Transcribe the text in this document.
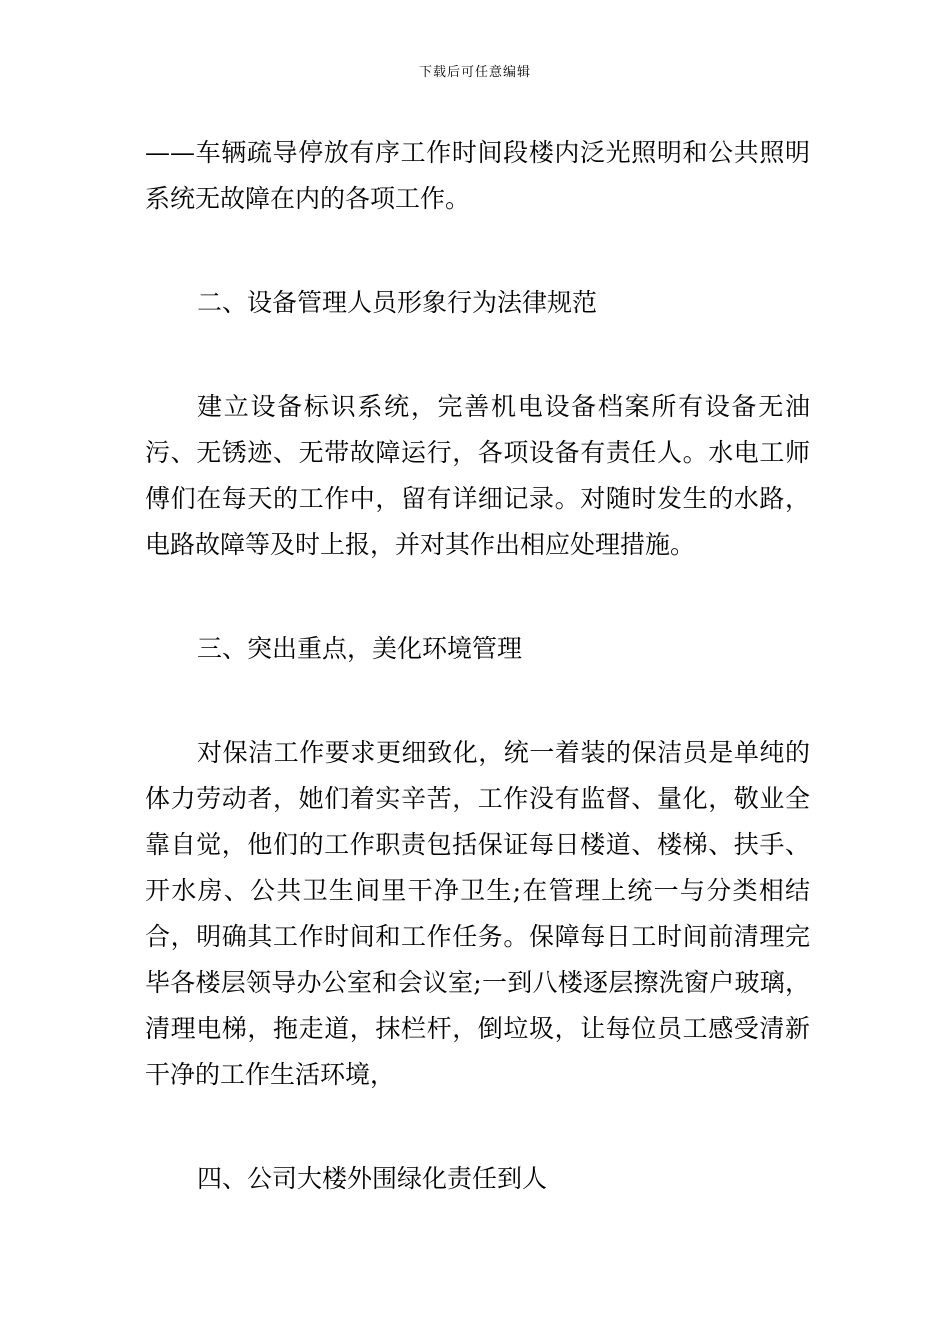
下载后可任意编辑

——车辆疏导停放有序工作时间段楼内泛光照明和公共照明系统无故障在内的各项工作。

二、设备管理人员形象行为法律规范

建立设备标识系统，完善机电设备档案所有设备无油污、无锈迹、无带故障运行，各项设备有责任人。水电工师傅们在每天的工作中，留有详细记录。对随时发生的水路，电路故障等及时上报，并对其作出相应处理措施。

三、突出重点，美化环境管理

对保洁工作要求更细致化，统一着装的保洁员是单纯的体力劳动者，她们着实辛苦，工作没有监督、量化，敬业全靠自觉，他们的工作职责包括保证每日楼道、楼梯、扶手、开水房、公共卫生间里干净卫生;在管理上统一与分类相结合，明确其工作时间和工作任务。保障每日工时间前清理完毕各楼层领导办公室和会议室;一到八楼逐层擦洗窗户玻璃，清理电梯，拖走道，抹栏杆，倒垃圾，让每位员工感受清新干净的工作生活环境，

四、公司大楼外围绿化责任到人
